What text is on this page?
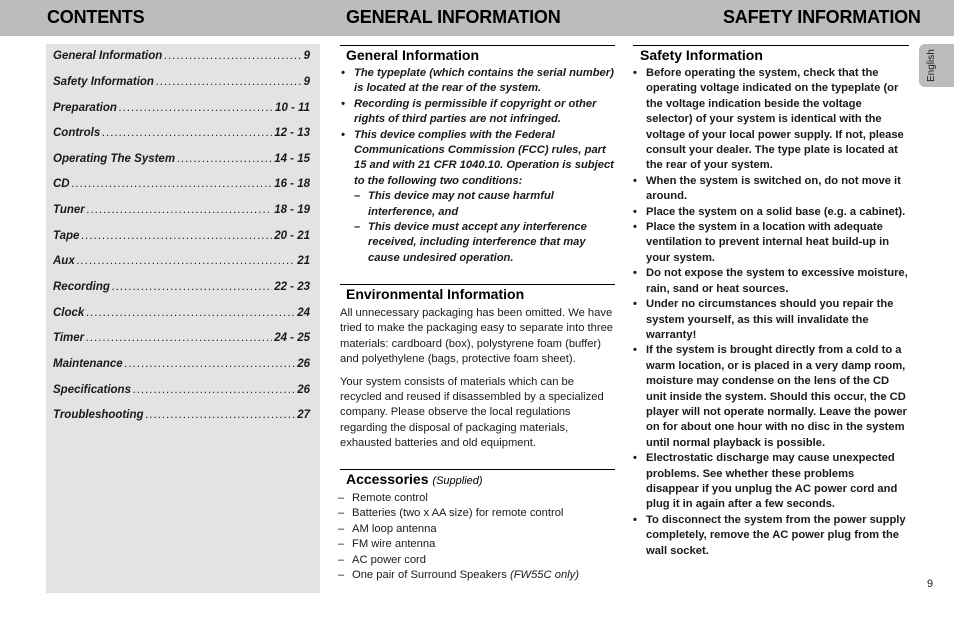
CONTENTS	GENERAL INFORMATION	SAFETY INFORMATION
General Information .....	9
Safety Information .....	9
Preparation .....	10 - 11
Controls .....	12 - 13
Operating The System .....	14 - 15
CD .....	16 - 18
Tuner .....	18 - 19
Tape .....	20 - 21
Aux .....	21
Recording .....	22 - 23
Clock .....	24
Timer .....	24 - 25
Maintenance .....	26
Specifications .....	26
Troubleshooting .....	27
General Information
• The typeplate (which contains the serial number) is located at the rear of the system.
• Recording is permissible if copyright or other rights of third parties are not infringed.
• This device complies with the Federal Communications Commission (FCC) rules, part 15 and with 21 CFR 1040.10. Operation is subject to the following two conditions:
– This device may not cause harmful interference, and
– This device must accept any interference received, including interference that may cause undesired operation.
Environmental Information

All unnecessary packaging has been omitted. We have tried to make the packaging easy to separate into three materials: cardboard (box), polystyrene foam (buffer) and polyethylene (bags, protective foam sheet).

Your system consists of materials which can be recycled and reused if disassembled by a specialized company. Please observe the local regulations regarding the disposal of packaging materials, exhausted batteries and old equipment.

Accessories (Supplied)
– Remote control
– Batteries (two x AA size) for remote control
– AM loop antenna
– FM wire antenna
– AC power cord
– One pair of Surround Speakers (FW55C only)
Safety Information
• Before operating the system, check that the operating voltage indicated on the typeplate (or the voltage indication beside the voltage selector) of your system is identical with the voltage of your local power supply. If not, please consult your dealer. The type plate is located at the rear of your system.
• When the system is switched on, do not move it around.
• Place the system on a solid base (e.g. a cabinet).
• Place the system in a location with adequate ventilation to prevent internal heat build-up in your system.
• Do not expose the system to excessive moisture, rain, sand or heat sources.
• Under no circumstances should you repair the system yourself, as this will invalidate the warranty!
• If the system is brought directly from a cold to a warm location, or is placed in a very damp room, moisture may condense on the lens of the CD unit inside the system. Should this occur, the CD player will not operate normally. Leave the power on for about one hour with no disc in the system until normal playback is possible.
• Electrostatic discharge may cause unexpected problems. See whether these problems disappear if you unplug the AC power cord and plug it in again after a few seconds.
• To disconnect the system from the power supply completely, remove the AC power plug from the wall socket.
English
9
